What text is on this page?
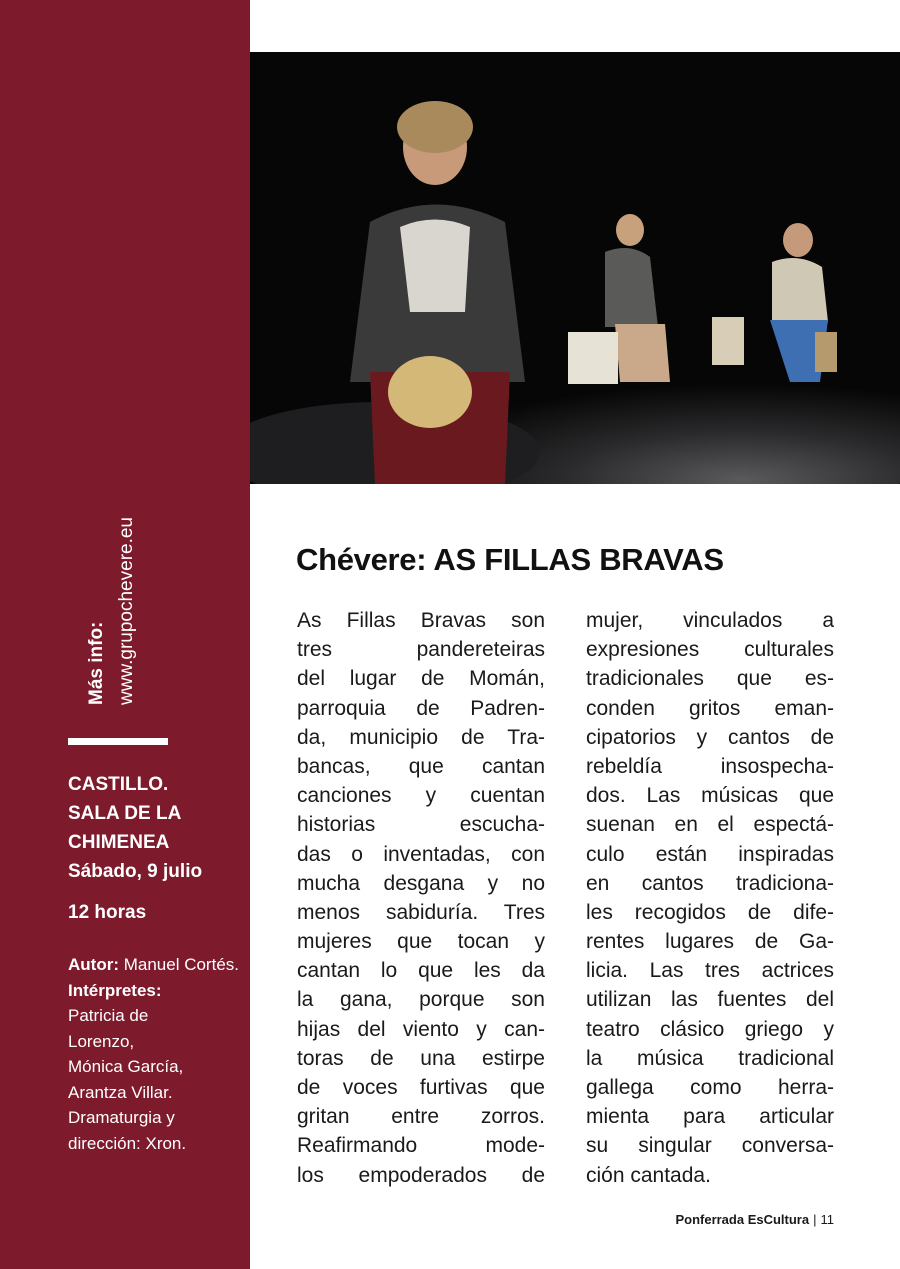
Más info: www.grupochevere.eu
CASTILLO.
SALA DE LA
CHIMENEA
Sábado, 9 julio
12 horas
Autor: Manuel Cortés.
Intérpretes:
Patricia de
Lorenzo,
Mónica García,
Arantza Villar.
Dramaturgia y
dirección: Xron.
Chévere: AS FILLAS BRAVAS
As Fillas Bravas son
tres pandereteiras
del lugar de Momán,
parroquia de Padren-
da, municipio de Tra-
bancas, que cantan
canciones y cuentan
historias escucha-
das o inventadas, con
mucha desgana y no
menos sabiduría. Tres
mujeres que tocan y
cantan lo que les da
la gana, porque son
hijas del viento y can-
toras de una estirpe
de voces furtivas que
gritan entre zorros.
Reafirmando mode-
los empoderados de
mujer, vinculados a
expresiones culturales
tradicionales que es-
conden gritos eman-
cipatorios y cantos de
rebeldía insospecha-
dos. Las músicas que
suenan en el espectá-
culo están inspiradas
en cantos tradiciona-
les recogidos de dife-
rentes lugares de Ga-
licia. Las tres actrices
utilizan las fuentes del
teatro clásico griego y
la música tradicional
gallega como herra-
mienta para articular
su singular conversa-
ción cantada.
Ponferrada EsCultura | 11
